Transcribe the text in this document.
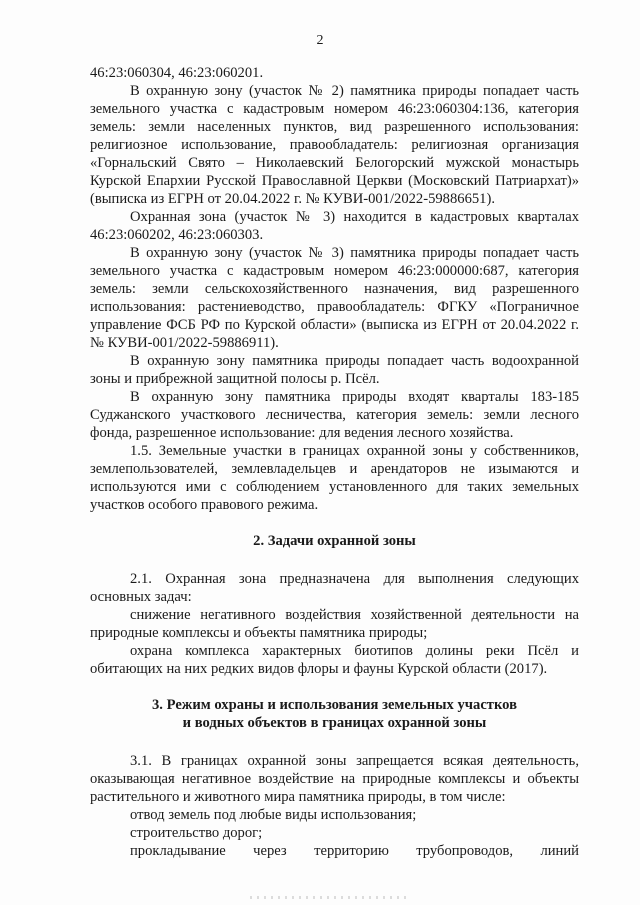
2

46:23:060304, 46:23:060201.

В охранную зону (участок № 2) памятника природы попадает часть земельного участка с кадастровым номером 46:23:060304:136, категория земель: земли населенных пунктов, вид разрешенного использования: религиозное использование, правообладатель: религиозная организация «Горнальский Свято – Николаевский Белогорский мужской монастырь Курской Епархии Русской Православной Церкви (Московский Патриархат)» (выписка из ЕГРН от 20.04.2022 г. № КУВИ-001/2022-59886651).

Охранная зона (участок № 3) находится в кадастровых кварталах 46:23:060202, 46:23:060303.

В охранную зону (участок № 3) памятника природы попадает часть земельного участка с кадастровым номером 46:23:000000:687, категория земель: земли сельскохозяйственного назначения, вид разрешенного использования: растениеводство, правообладатель: ФГКУ «Пограничное управление ФСБ РФ по Курской области» (выписка из ЕГРН от 20.04.2022 г. № КУВИ-001/2022-59886911).

В охранную зону памятника природы попадает часть водоохранной зоны и прибрежной защитной полосы р. Псёл.

В охранную зону памятника природы входят кварталы 183-185 Суджанского участкового лесничества, категория земель: земли лесного фонда, разрешенное использование: для ведения лесного хозяйства.

1.5. Земельные участки в границах охранной зоны у собственников, землепользователей, землевладельцев и арендаторов не изымаются и используются ими с соблюдением установленного для таких земельных участков особого правового режима.

2. Задачи охранной зоны

2.1. Охранная зона предназначена для выполнения следующих основных задач:

снижение негативного воздействия хозяйственной деятельности на природные комплексы и объекты памятника природы;

охрана комплекса характерных биотипов долины реки Псёл и обитающих на них редких видов флоры и фауны Курской области (2017).

3. Режим охраны и использования земельных участков
и водных объектов в границах охранной зоны

3.1. В границах охранной зоны запрещается всякая деятельность, оказывающая негативное воздействие на природные комплексы и объекты растительного и животного мира памятника природы, в том числе:

отвод земель под любые виды использования;

строительство дорог;

прокладывание через территорию трубопроводов, линий
